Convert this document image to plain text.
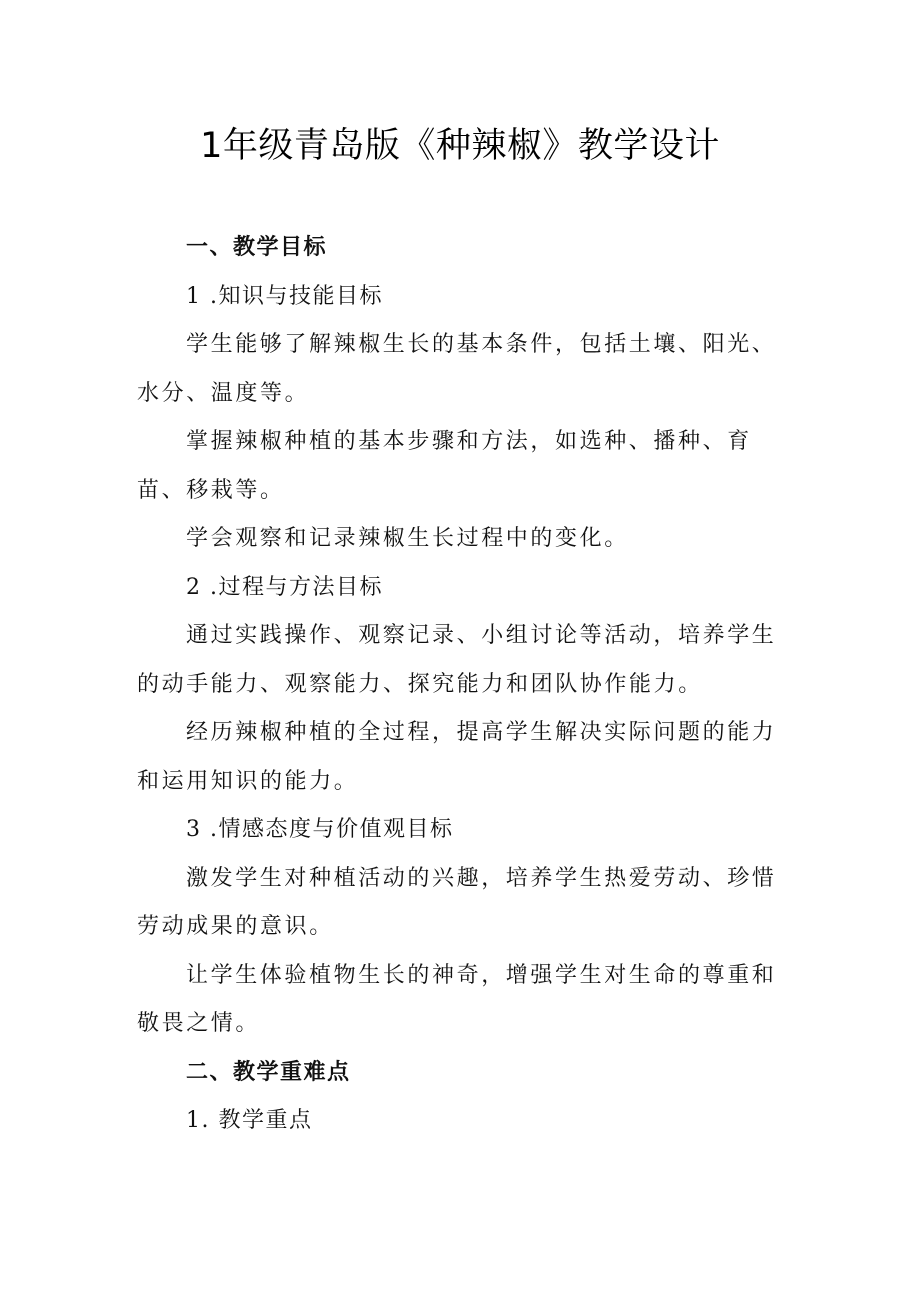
1年级青岛版《种辣椒》教学设计

一、教学目标

1 .知识与技能目标

学生能够了解辣椒生长的基本条件，包括土壤、阳光、水分、温度等。

掌握辣椒种植的基本步骤和方法，如选种、播种、育苗、移栽等。

学会观察和记录辣椒生长过程中的变化。

2 .过程与方法目标

通过实践操作、观察记录、小组讨论等活动，培养学生的动手能力、观察能力、探究能力和团队协作能力。

经历辣椒种植的全过程，提高学生解决实际问题的能力和运用知识的能力。

3 .情感态度与价值观目标

激发学生对种植活动的兴趣，培养学生热爱劳动、珍惜劳动成果的意识。

让学生体验植物生长的神奇，增强学生对生命的尊重和敬畏之情。

二、教学重难点

1. 教学重点
